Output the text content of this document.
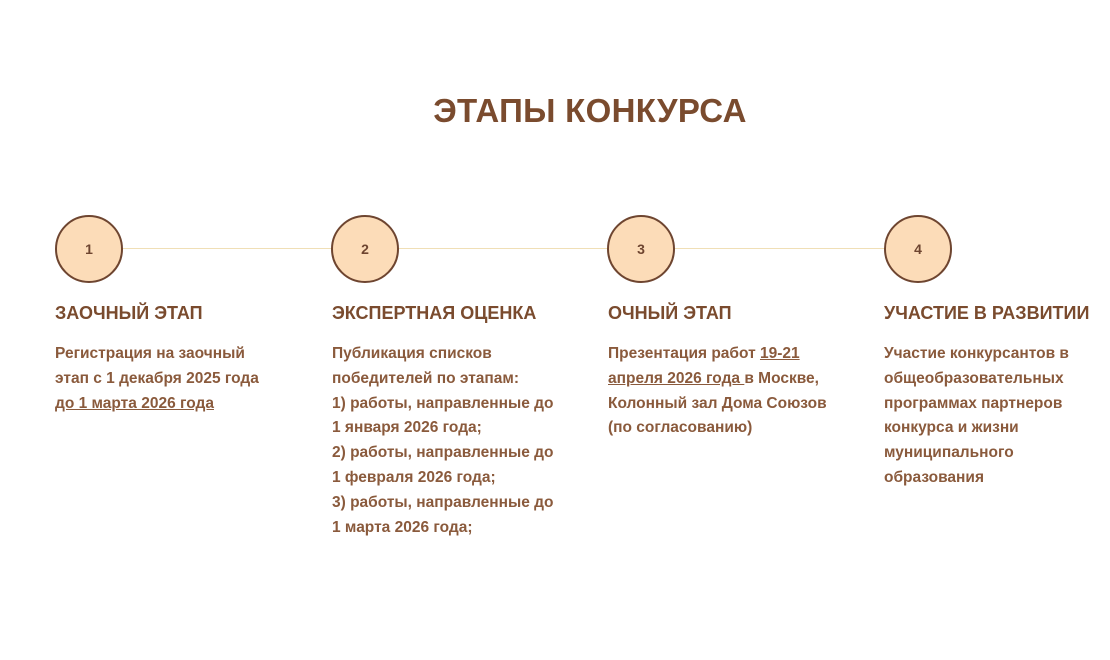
ЭТАПЫ КОНКУРСА
1
ЗАОЧНЫЙ ЭТАП

Регистрация на заочный
этап с 1 декабря 2025 года
до 1 марта 2026 года

2
ЭКСПЕРТНАЯ ОЦЕНКА

Публикация списков
победителей по этапам:
1) работы, направленные до
1 января 2026 года;
2) работы, направленные до
1 февраля 2026 года;
3) работы, направленные до
1 марта 2026 года;

3
ОЧНЫЙ ЭТАП

Презентация работ 19-21
апреля 2026 года в Москве,
Колонный зал Дома Союзов
(по согласованию)

4
УЧАСТИЕ В РАЗВИТИИ

Участие конкурсантов в
общеобразовательных
программах партнеров
конкурса и жизни
муниципального
образования
